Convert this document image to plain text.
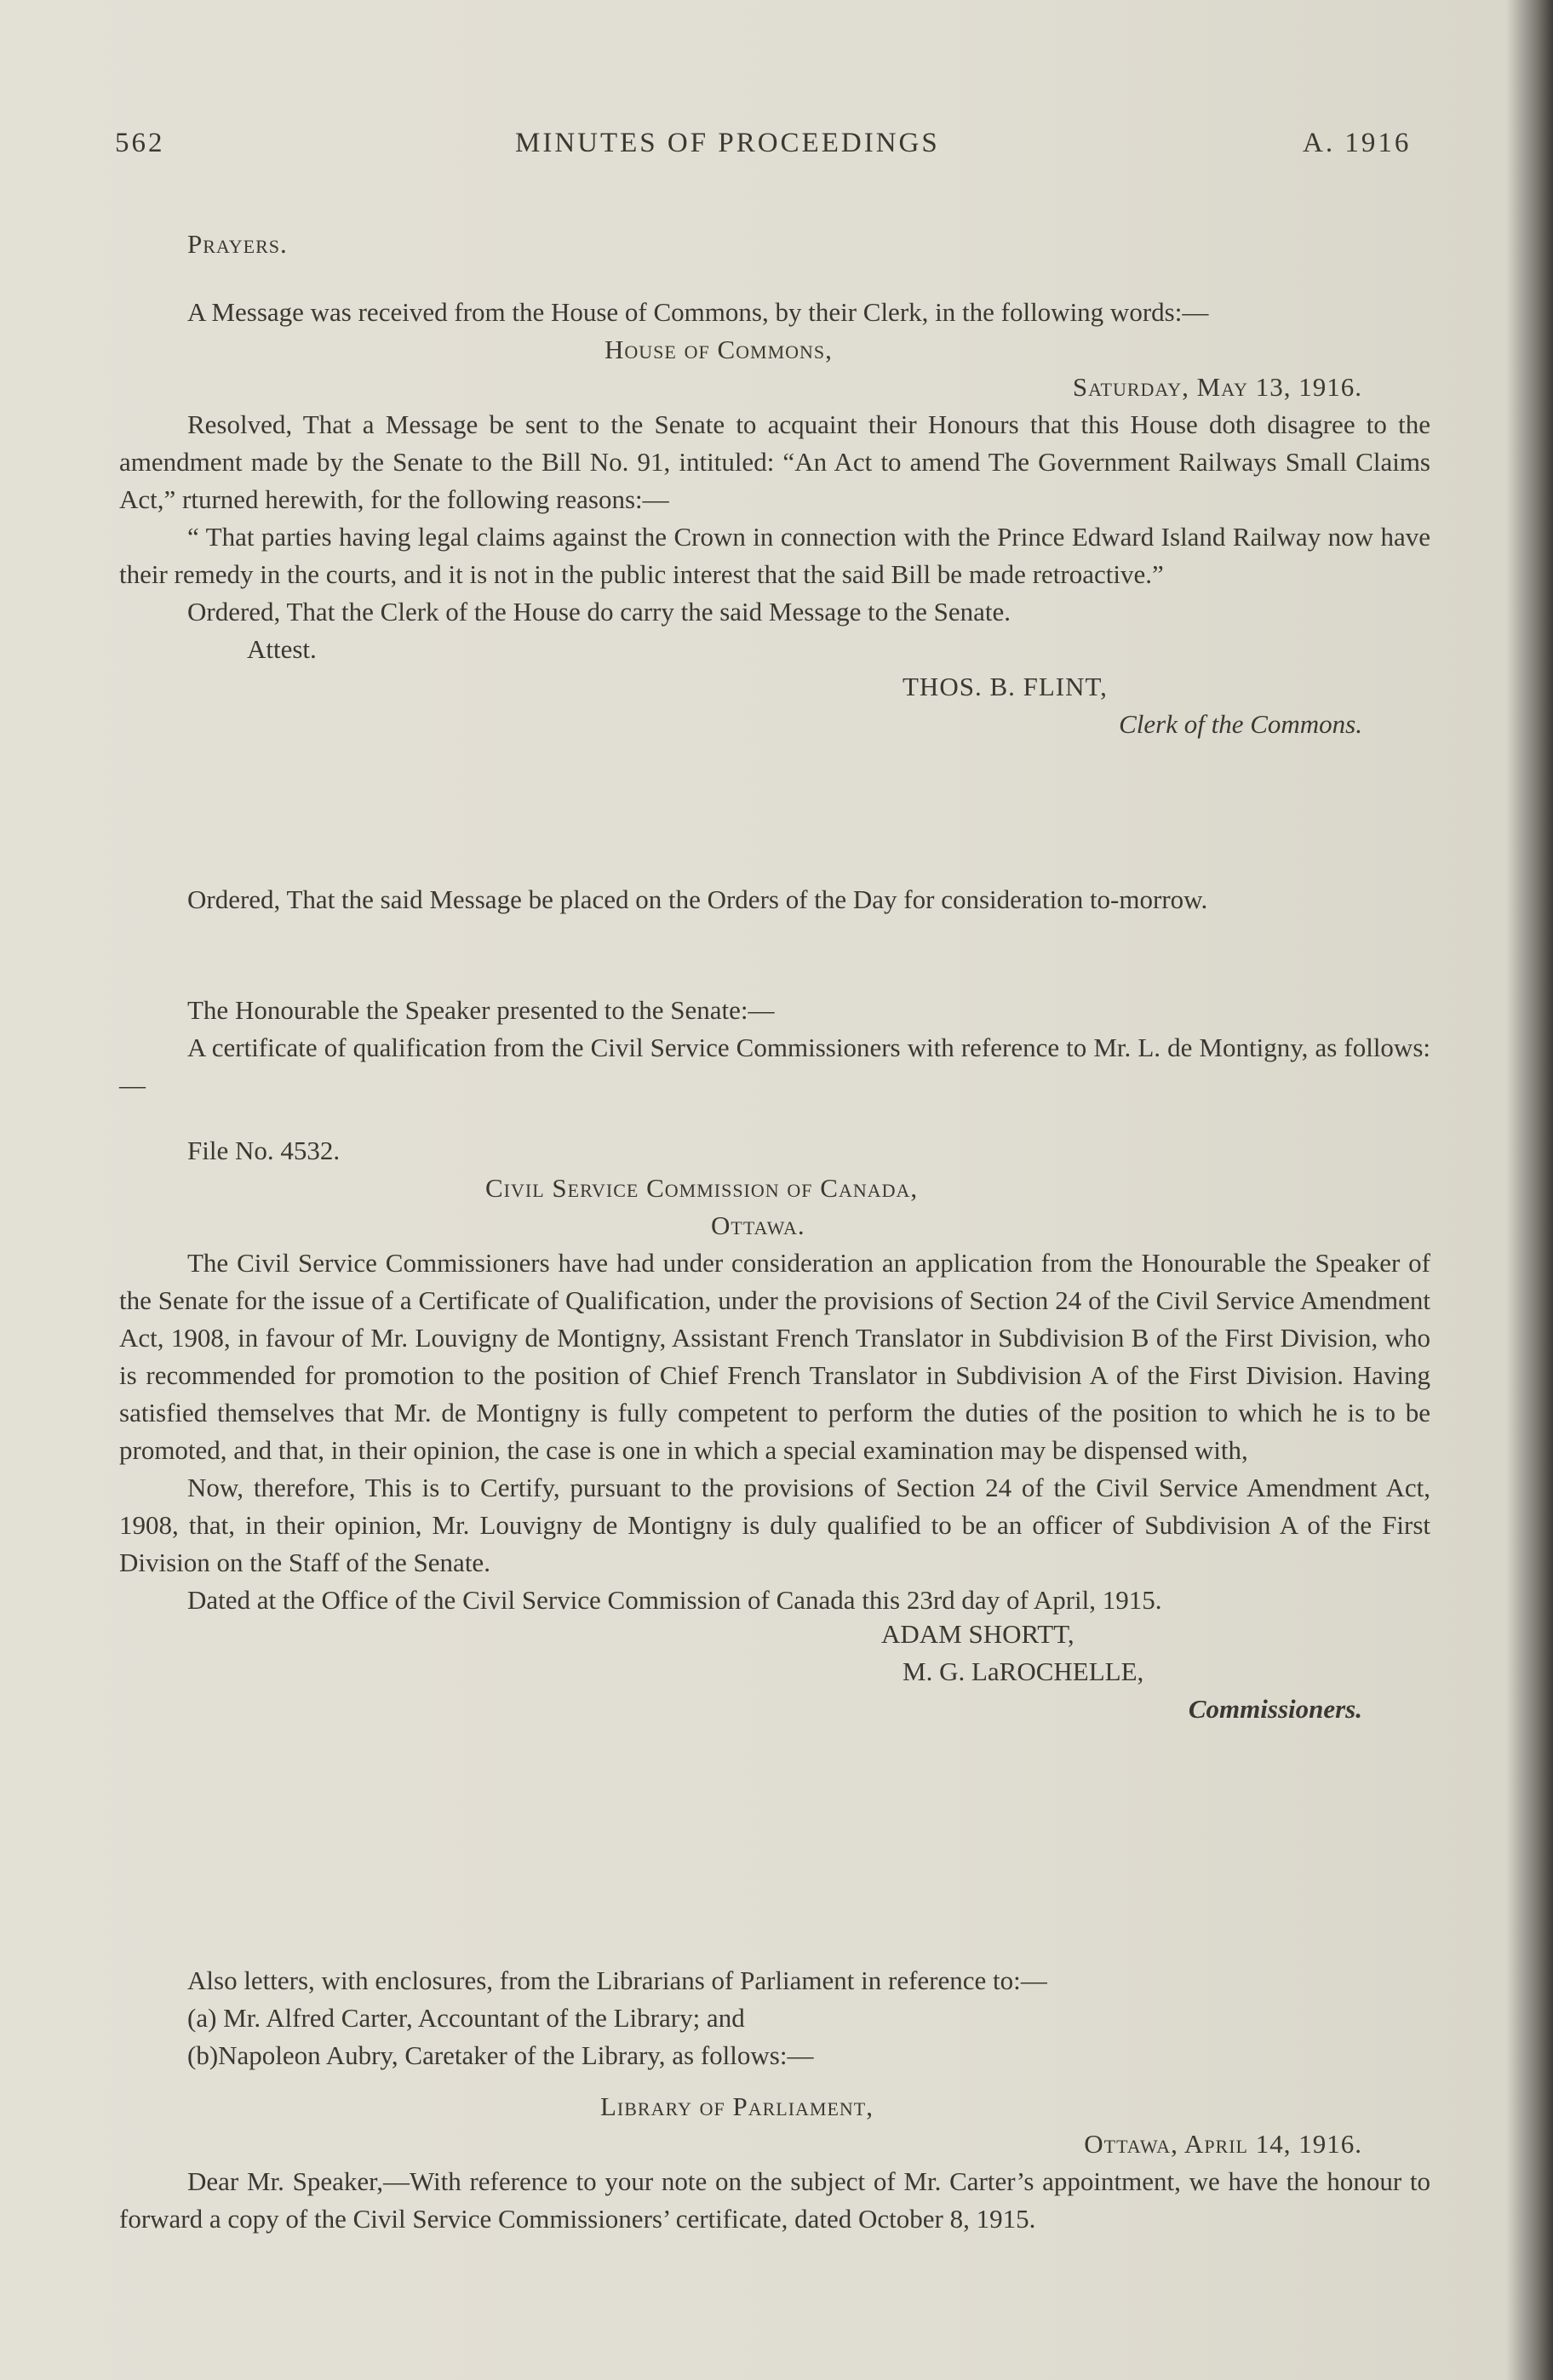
562	MINUTES OF PROCEEDINGS	A. 1916

Prayers.

A Message was received from the House of Commons, by their Clerk, in the following words:—

House of Commons,

Saturday, May 13, 1916.

Resolved, That a Message be sent to the Senate to acquaint their Honours that this House doth disagree to the amendment made by the Senate to the Bill No. 91, intituled: “An Act to amend The Government Railways Small Claims Act,” rturned herewith, for the following reasons:—

“ That parties having legal claims against the Crown in connection with the Prince Edward Island Railway now have their remedy in the courts, and it is not in the public interest that the said Bill be made retroactive.”

Ordered, That the Clerk of the House do carry the said Message to the Senate.

Attest.

THOS. B. FLINT,

Clerk of the Commons.

Ordered, That the said Message be placed on the Orders of the Day for consideration to-morrow.

The Honourable the Speaker presented to the Senate:—

A certificate of qualification from the Civil Service Commissioners with reference to Mr. L. de Montigny, as follows:—

File No. 4532.

Civil Service Commission of Canada,

Ottawa.

The Civil Service Commissioners have had under consideration an application from the Honourable the Speaker of the Senate for the issue of a Certificate of Qualification, under the provisions of Section 24 of the Civil Service Amendment Act, 1908, in favour of Mr. Louvigny de Montigny, Assistant French Translator in Subdivision B of the First Division, who is recommended for promotion to the position of Chief French Translator in Subdivision A of the First Division. Having satisfied themselves that Mr. de Montigny is fully competent to perform the duties of the position to which he is to be promoted, and that, in their opinion, the case is one in which a special examination may be dispensed with,

Now, therefore, This is to Certify, pursuant to the provisions of Section 24 of the Civil Service Amendment Act, 1908, that, in their opinion, Mr. Louvigny de Montigny is duly qualified to be an officer of Subdivision A of the First Division on the Staff of the Senate.

Dated at the Office of the Civil Service Commission of Canada this 23rd day of April, 1915.

ADAM SHORTT,

M. G. LaROCHELLE,

Commissioners.

Also letters, with enclosures, from the Librarians of Parliament in reference to:—

(a) Mr. Alfred Carter, Accountant of the Library; and

(b)Napoleon Aubry, Caretaker of the Library, as follows:—

Library of Parliament,

Ottawa, April 14, 1916.

Dear Mr. Speaker,—With reference to your note on the subject of Mr. Carter’s appointment, we have the honour to forward a copy of the Civil Service Commissioners’ certificate, dated October 8, 1915.
